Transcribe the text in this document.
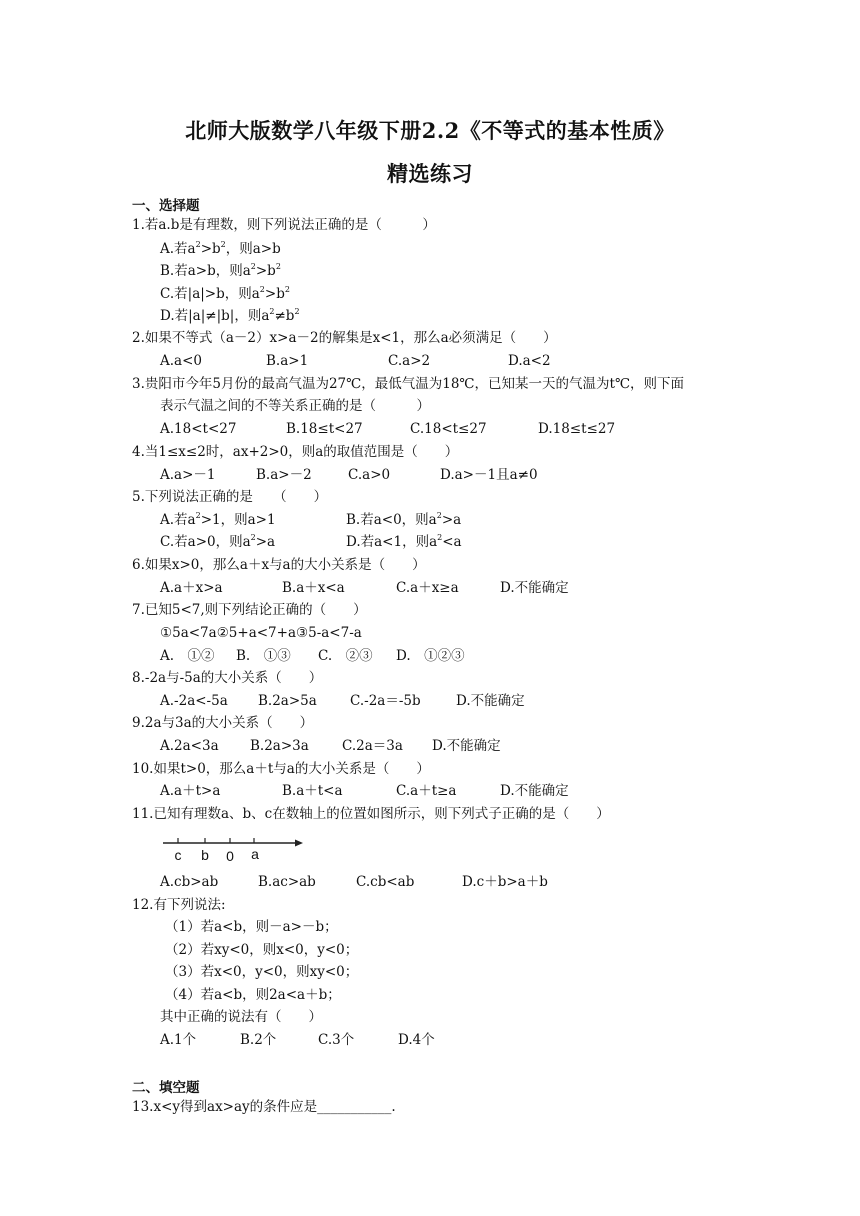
北师大版数学八年级下册2.2《不等式的基本性质》
精选练习
一、选择题
1.若a.b是有理数，则下列说法正确的是（　　　）
A.若$a^2>b^2$，则a>b
B.若a>b，则$a^2>b^2$
C.若|a|>b，则$a^2>b^2$
D.若|a|≠|b|，则$a^2\ne b^2$
2.如果不等式（a－2）x>a－2的解集是x<1，那么a必须满足（　　）
A.a<0	B.a>1	C.a>2	D.a<2
3.贵阳市今年5月份的最高气温为27℃，最低气温为18℃，已知某一天的气温为t℃，则下面
表示气温之间的不等关系正确的是（　　　）
A.18<t<27	B.18≤t<27	C.18<t≤27	D.18≤t≤27
4.当1≤x≤2时，ax+2>0，则a的取值范围是（　　）
A.a>－1	B.a>－2	C.a>0	D.a>－1且a≠0
5.下列说法正确的是　　（　　）
A.若$a^2>1$，则a>1	B.若a<0，则$a^2>a$
C.若a>0，则$a^2>a$	D.若a<1，则$a^2<a$
6.如果x>0，那么a＋x与a的大小关系是（　　）
A.a＋x>a	B.a＋x<a	C.a＋x≥a	D.不能确定
7.已知5<7,则下列结论正确的（　　）
①5a<7a②5+a<7+a③5-a<7-a
A.　①② B.　①③ C.　②③ D.　①②③
8.-2a与-5a的大小关系（　　）
A.-2a<-5a B.2a>5a C.-2a＝-5b	D.不能确定
9.2a与3a的大小关系（　　）
A.2a<3a B.2a>3a C.2a＝3a D.不能确定
10.如果t>0，那么a＋t与a的大小关系是（　　）
A.a＋t>a	B.a＋t<a	C.a＋t≥a	D.不能确定
11.已知有理数a、b、c在数轴上的位置如图所示，则下列式子正确的是（　　）
c b 0 a
A.cb>ab	B.ac>ab	C.cb<ab	D.c＋b>a＋b
12.有下列说法:
（1）若a<b，则－a>－b；
（2）若xy<0，则x<0，y<0；
（3）若x<0，y<0，则xy<0；
（4）若a<b，则2a<a＋b；
其中正确的说法有（　　）
A.1个	B.2个	C.3个	D.4个
二、填空题
13.x<y得到ax>ay的条件应是___________.
